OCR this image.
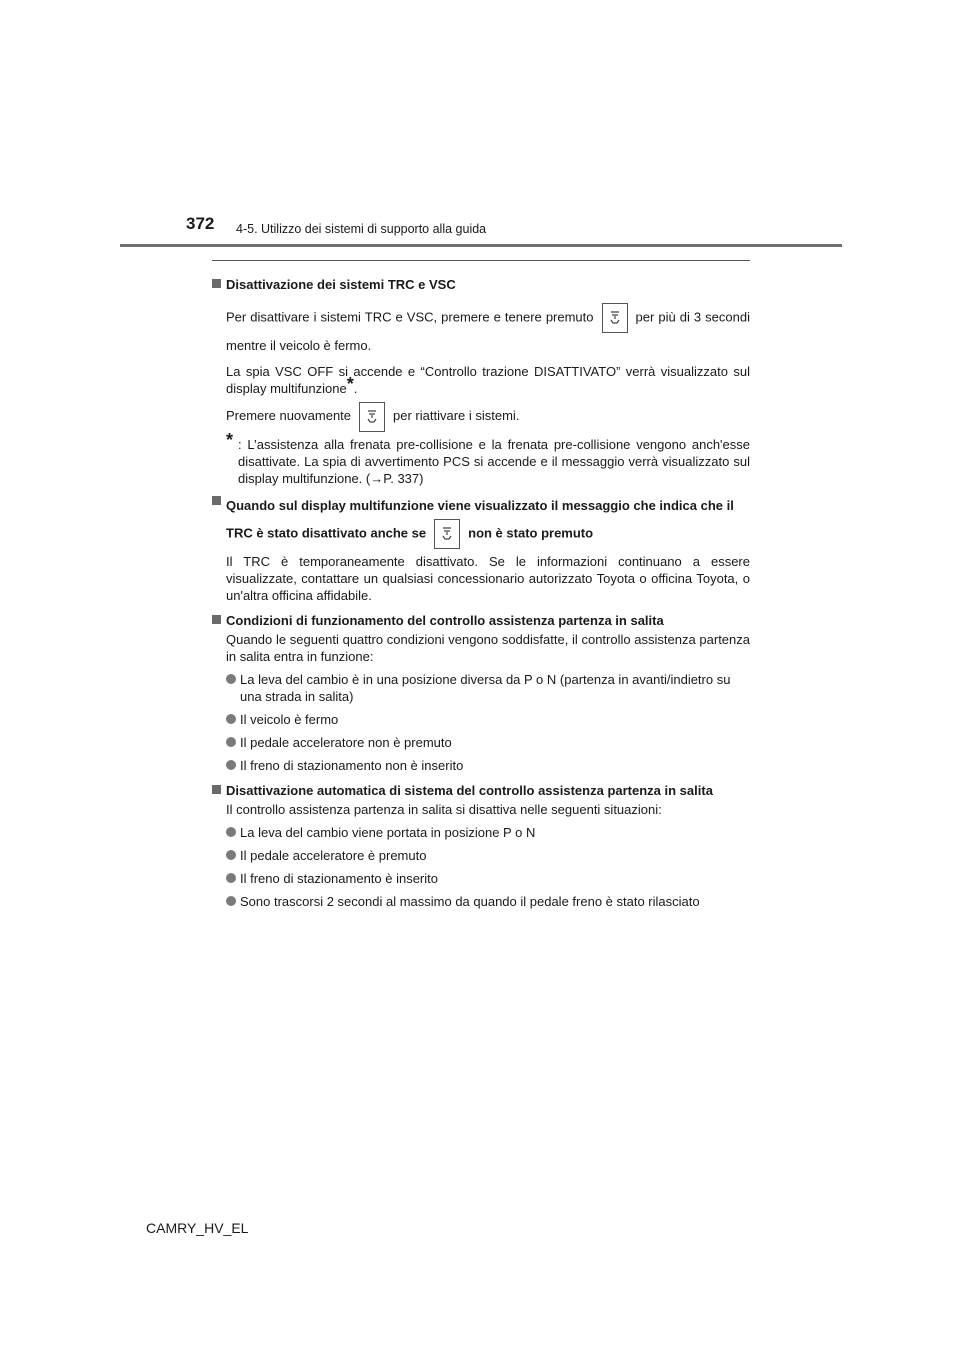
372 4-5. Utilizzo dei sistemi di supporto alla guida
Disattivazione dei sistemi TRC e VSC
Per disattivare i sistemi TRC e VSC, premere e tenere premuto	per più di 3 secondi mentre il veicolo è fermo.
La spia VSC OFF si accende e “Controllo trazione DISATTIVATO” verrà visualizzato sul display multifunzione*.
Premere nuovamente	per riattivare i sistemi.
* : L’assistenza alla frenata pre-collisione e la frenata pre-collisione vengono anch'esse disattivate. La spia di avvertimento PCS si accende e il messaggio verrà visualizzato sul display multifunzione. (→P. 337)
Quando sul display multifunzione viene visualizzato il messaggio che indica che il TRC è stato disattivato anche se	non è stato premuto
Il TRC è temporaneamente disattivato. Se le informazioni continuano a essere visualizzate, contattare un qualsiasi concessionario autorizzato Toyota o officina Toyota, o un'altra officina affidabile.
Condizioni di funzionamento del controllo assistenza partenza in salita
Quando le seguenti quattro condizioni vengono soddisfatte, il controllo assistenza partenza in salita entra in funzione:
La leva del cambio è in una posizione diversa da P o N (partenza in avanti/indietro su una strada in salita)
Il veicolo è fermo
Il pedale acceleratore non è premuto
Il freno di stazionamento non è inserito
Disattivazione automatica di sistema del controllo assistenza partenza in salita
Il controllo assistenza partenza in salita si disattiva nelle seguenti situazioni:
La leva del cambio viene portata in posizione P o N
Il pedale acceleratore è premuto
Il freno di stazionamento è inserito
Sono trascorsi 2 secondi al massimo da quando il pedale freno è stato rilasciato
CAMRY_HV_EL
